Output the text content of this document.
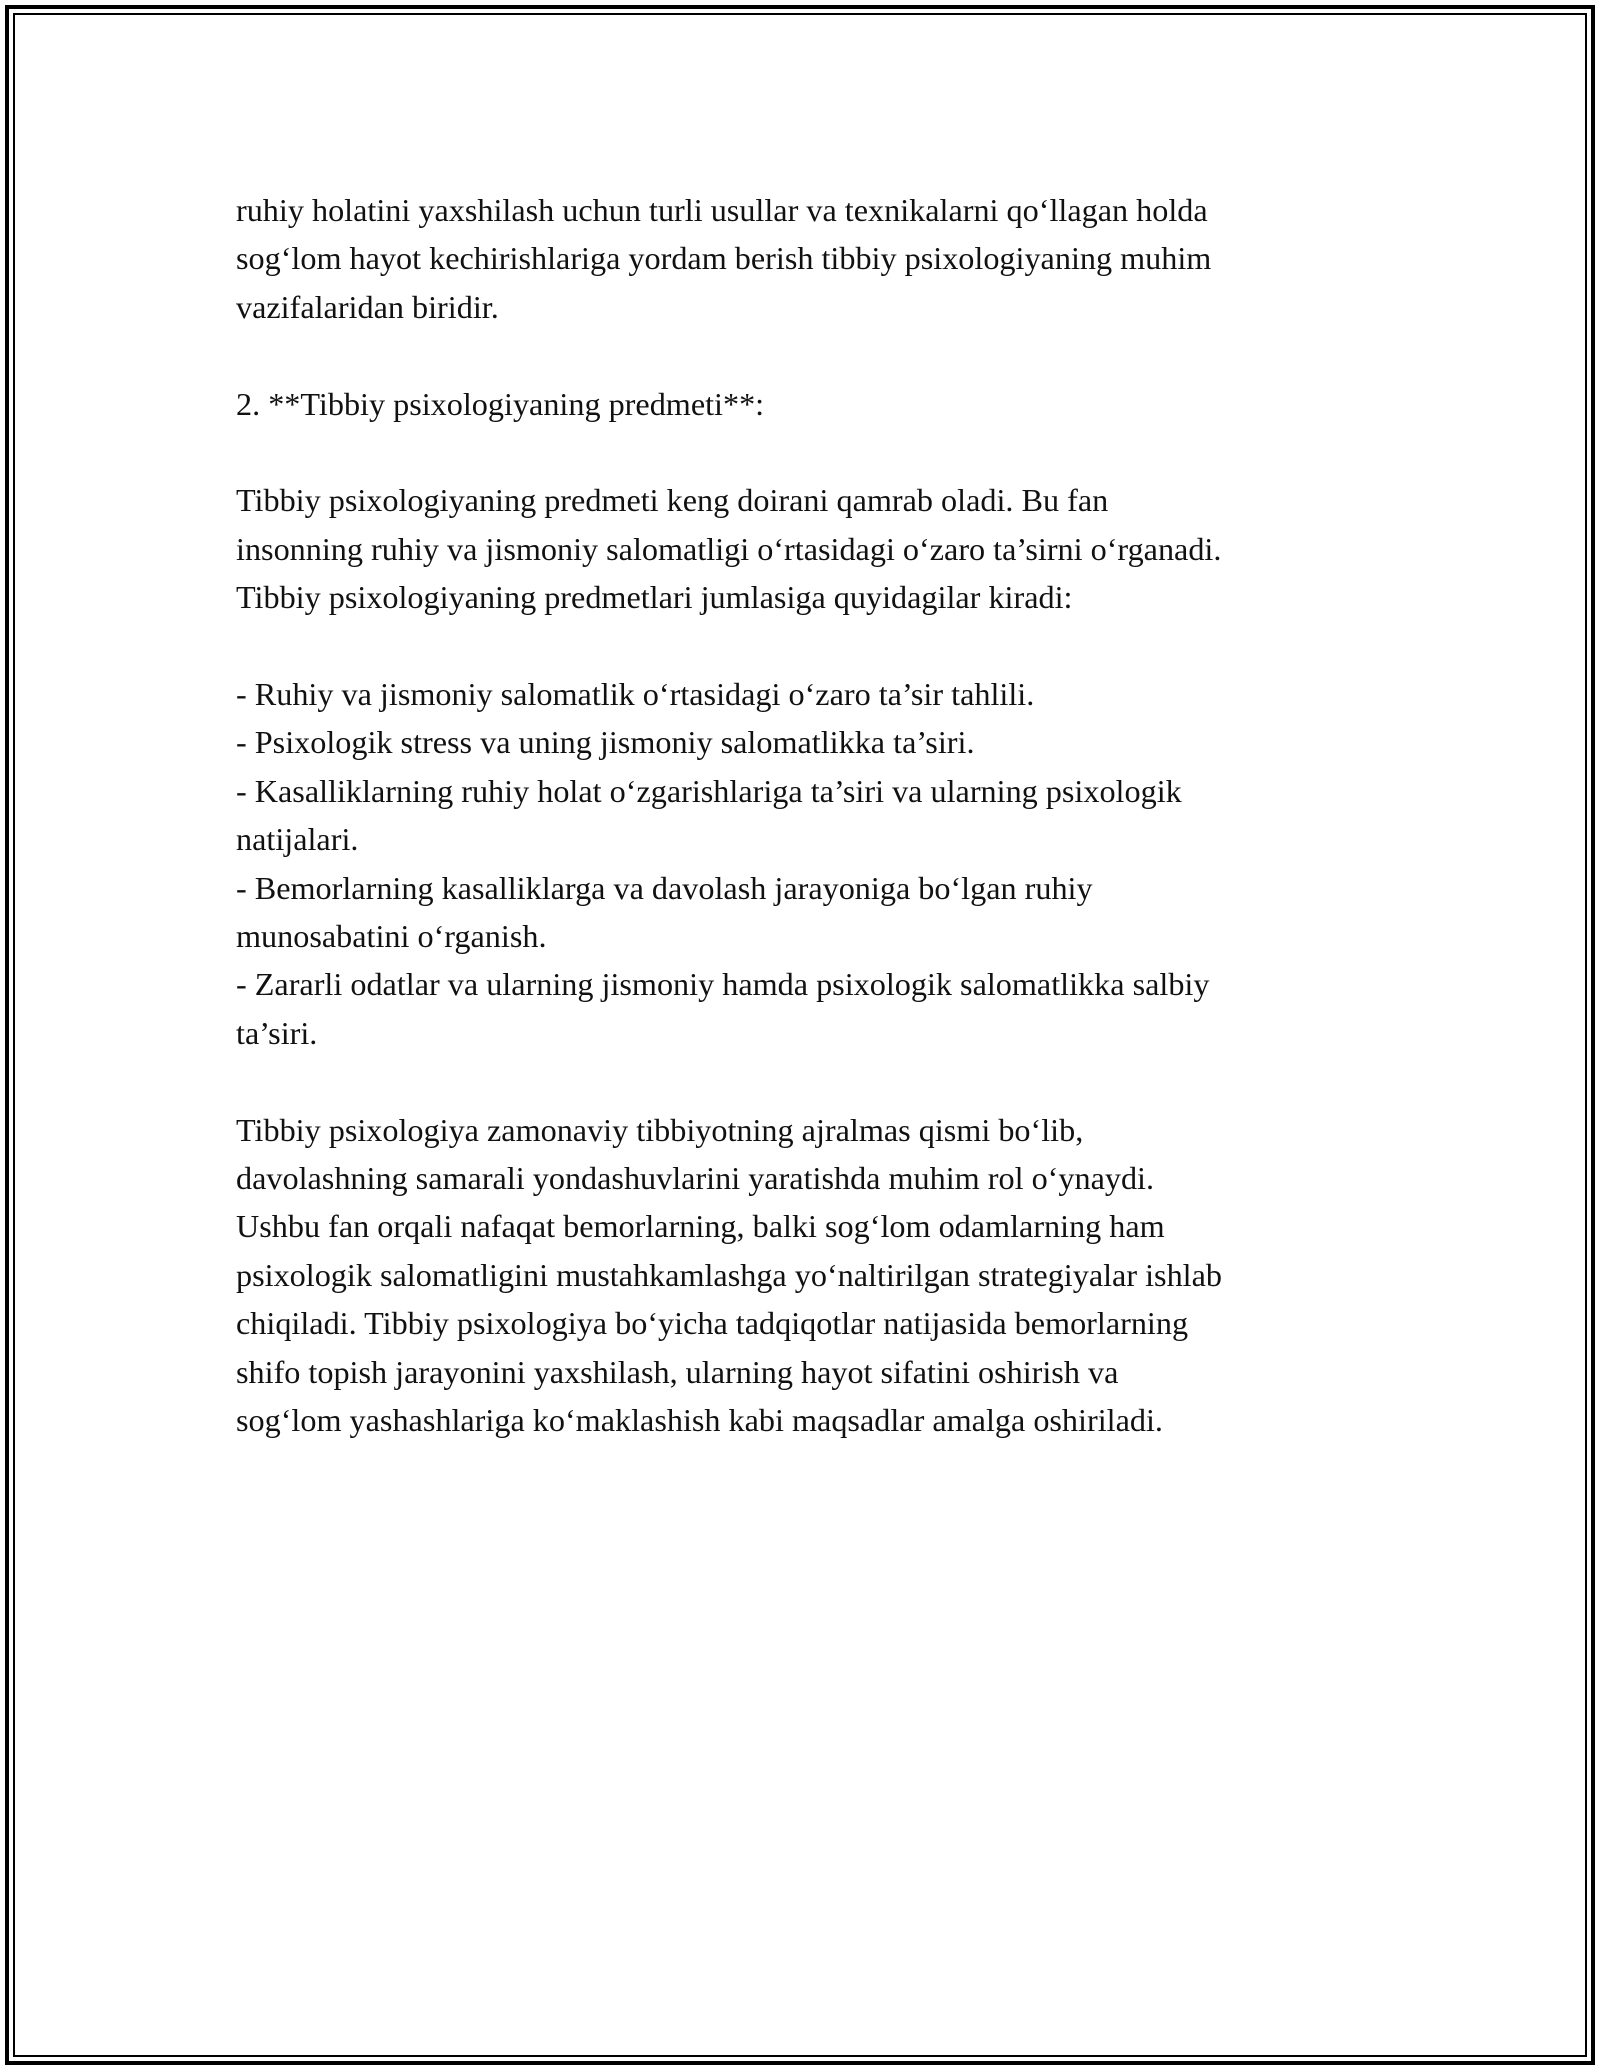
ruhiy holatini yaxshilash uchun turli usullar va texnikalarni qo‘llagan holda
sog‘lom hayot kechirishlariga yordam berish tibbiy psixologiyaning muhim
vazifalaridan biridir.
2. **Tibbiy psixologiyaning predmeti**:
Tibbiy psixologiyaning predmeti keng doirani qamrab oladi. Bu fan
insonning ruhiy va jismoniy salomatligi o‘rtasidagi o‘zaro ta’sirni o‘rganadi.
Tibbiy psixologiyaning predmetlari jumlasiga quyidagilar kiradi:
- Ruhiy va jismoniy salomatlik o‘rtasidagi o‘zaro ta’sir tahlili.
- Psixologik stress va uning jismoniy salomatlikka ta’siri.
- Kasalliklarning ruhiy holat o‘zgarishlariga ta’siri va ularning psixologik
natijalari.
- Bemorlarning kasalliklarga va davolash jarayoniga bo‘lgan ruhiy
munosabatini o‘rganish.
- Zararli odatlar va ularning jismoniy hamda psixologik salomatlikka salbiy
ta’siri.
Tibbiy psixologiya zamonaviy tibbiyotning ajralmas qismi bo‘lib,
davolashning samarali yondashuvlarini yaratishda muhim rol o‘ynaydi.
Ushbu fan orqali nafaqat bemorlarning, balki sog‘lom odamlarning ham
psixologik salomatligini mustahkamlashga yo‘naltirilgan strategiyalar ishlab
chiqiladi. Tibbiy psixologiya bo‘yicha tadqiqotlar natijasida bemorlarning
shifo topish jarayonini yaxshilash, ularning hayot sifatini oshirish va
sog‘lom yashashlariga ko‘maklashish kabi maqsadlar amalga oshiriladi.
